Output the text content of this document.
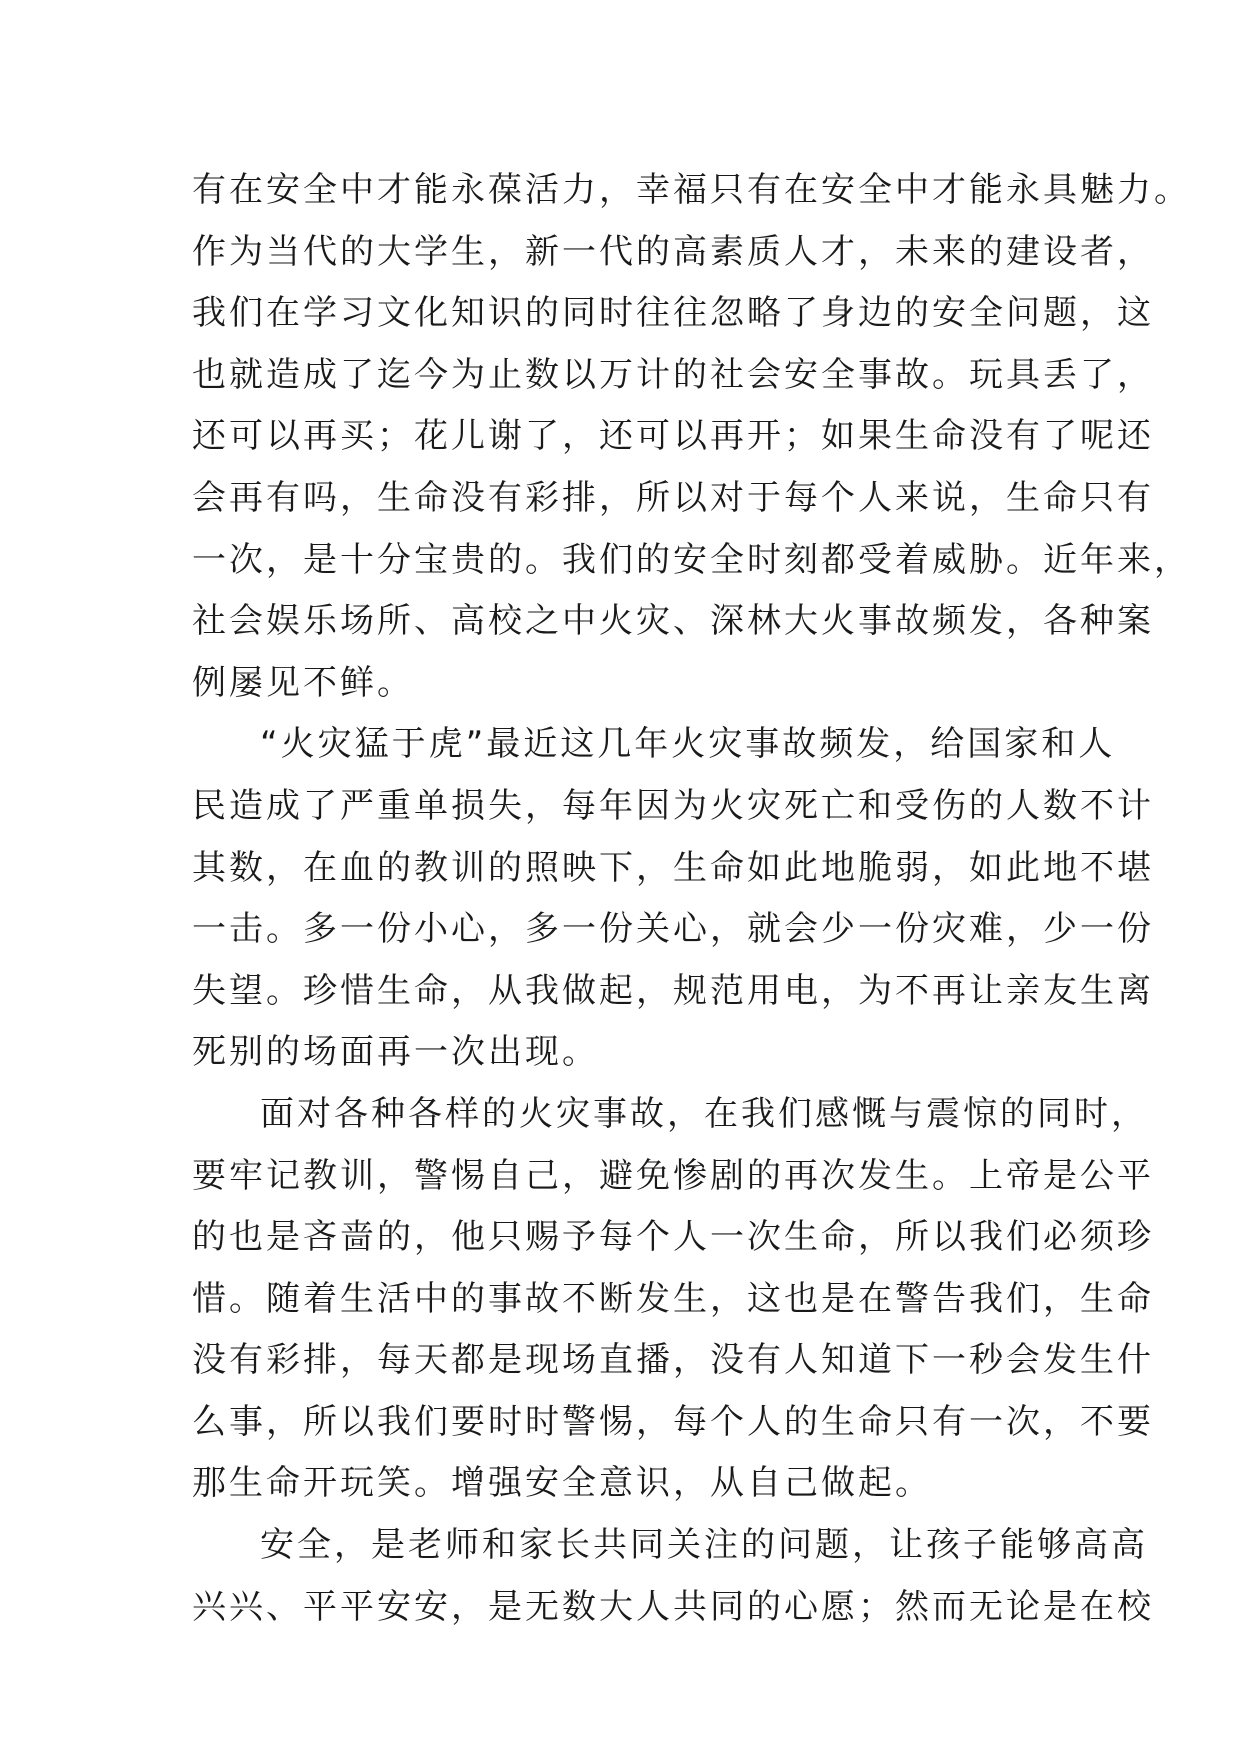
有在安全中才能永葆活力，幸福只有在安全中才能永具魅力。
作为当代的大学生，新一代的高素质人才，未来的建设者，
我们在学习文化知识的同时往往忽略了身边的安全问题，这
也就造成了迄今为止数以万计的社会安全事故。玩具丢了，
还可以再买；花儿谢了，还可以再开；如果生命没有了呢还
会再有吗，生命没有彩排，所以对于每个人来说，生命只有
一次，是十分宝贵的。我们的安全时刻都受着威胁。近年来，
社会娱乐场所、高校之中火灾、深林大火事故频发，各种案
例屡见不鲜。
“火灾猛于虎”最近这几年火灾事故频发，给国家和人
民造成了严重单损失，每年因为火灾死亡和受伤的人数不计
其数，在血的教训的照映下，生命如此地脆弱，如此地不堪
一击。多一份小心，多一份关心，就会少一份灾难，少一份
失望。珍惜生命，从我做起，规范用电，为不再让亲友生离
死别的场面再一次出现。
面对各种各样的火灾事故，在我们感慨与震惊的同时，
要牢记教训，警惕自己，避免惨剧的再次发生。上帝是公平
的也是吝啬的，他只赐予每个人一次生命，所以我们必须珍
惜。随着生活中的事故不断发生，这也是在警告我们，生命
没有彩排，每天都是现场直播，没有人知道下一秒会发生什
么事，所以我们要时时警惕，每个人的生命只有一次，不要
那生命开玩笑。增强安全意识，从自己做起。
安全，是老师和家长共同关注的问题，让孩子能够高高
兴兴、平平安安，是无数大人共同的心愿；然而无论是在校
